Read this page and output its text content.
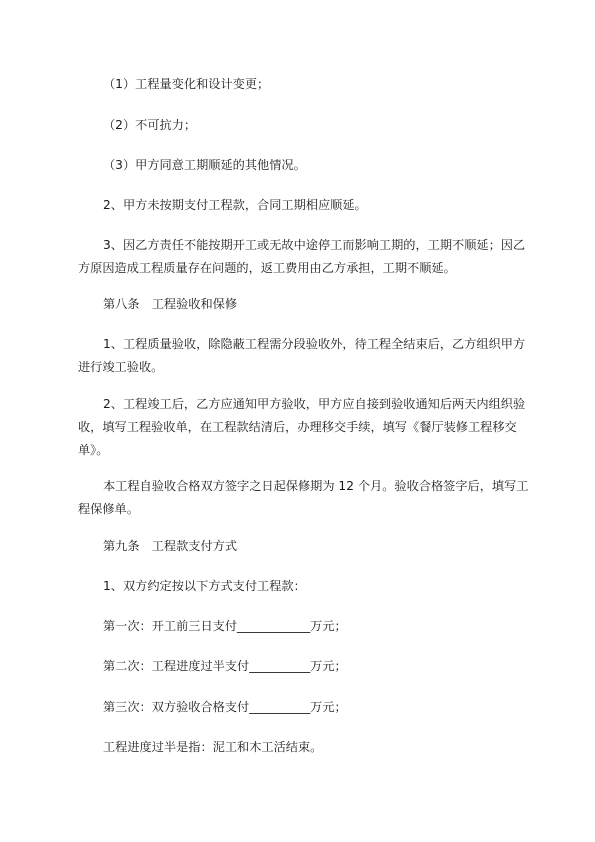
（1）工程量变化和设计变更；

（2）不可抗力；

（3）甲方同意工期顺延的其他情况。

2、甲方未按期支付工程款，合同工期相应顺延。

3、因乙方责任不能按期开工或无故中途停工而影响工期的，工期不顺延；因乙
方原因造成工程质量存在问题的，返工费用由乙方承担，工期不顺延。

第八条　工程验收和保修

1、工程质量验收，除隐蔽工程需分段验收外，待工程全结束后，乙方组织甲方
进行竣工验收。

2、工程竣工后，乙方应通知甲方验收，甲方应自接到验收通知后两天内组织验
收，填写工程验收单，在工程款结清后，办理移交手续，填写《餐厅装修工程移交
单》。

本工程自验收合格双方签字之日起保修期为 12 个月。验收合格签字后，填写工
程保修单。

第九条　工程款支付方式

1、双方约定按以下方式支付工程款：

第一次：开工前三日支付____________万元；

第二次：工程进度过半支付__________万元；

第三次：双方验收合格支付__________万元；

工程进度过半是指：泥工和木工活结束。
